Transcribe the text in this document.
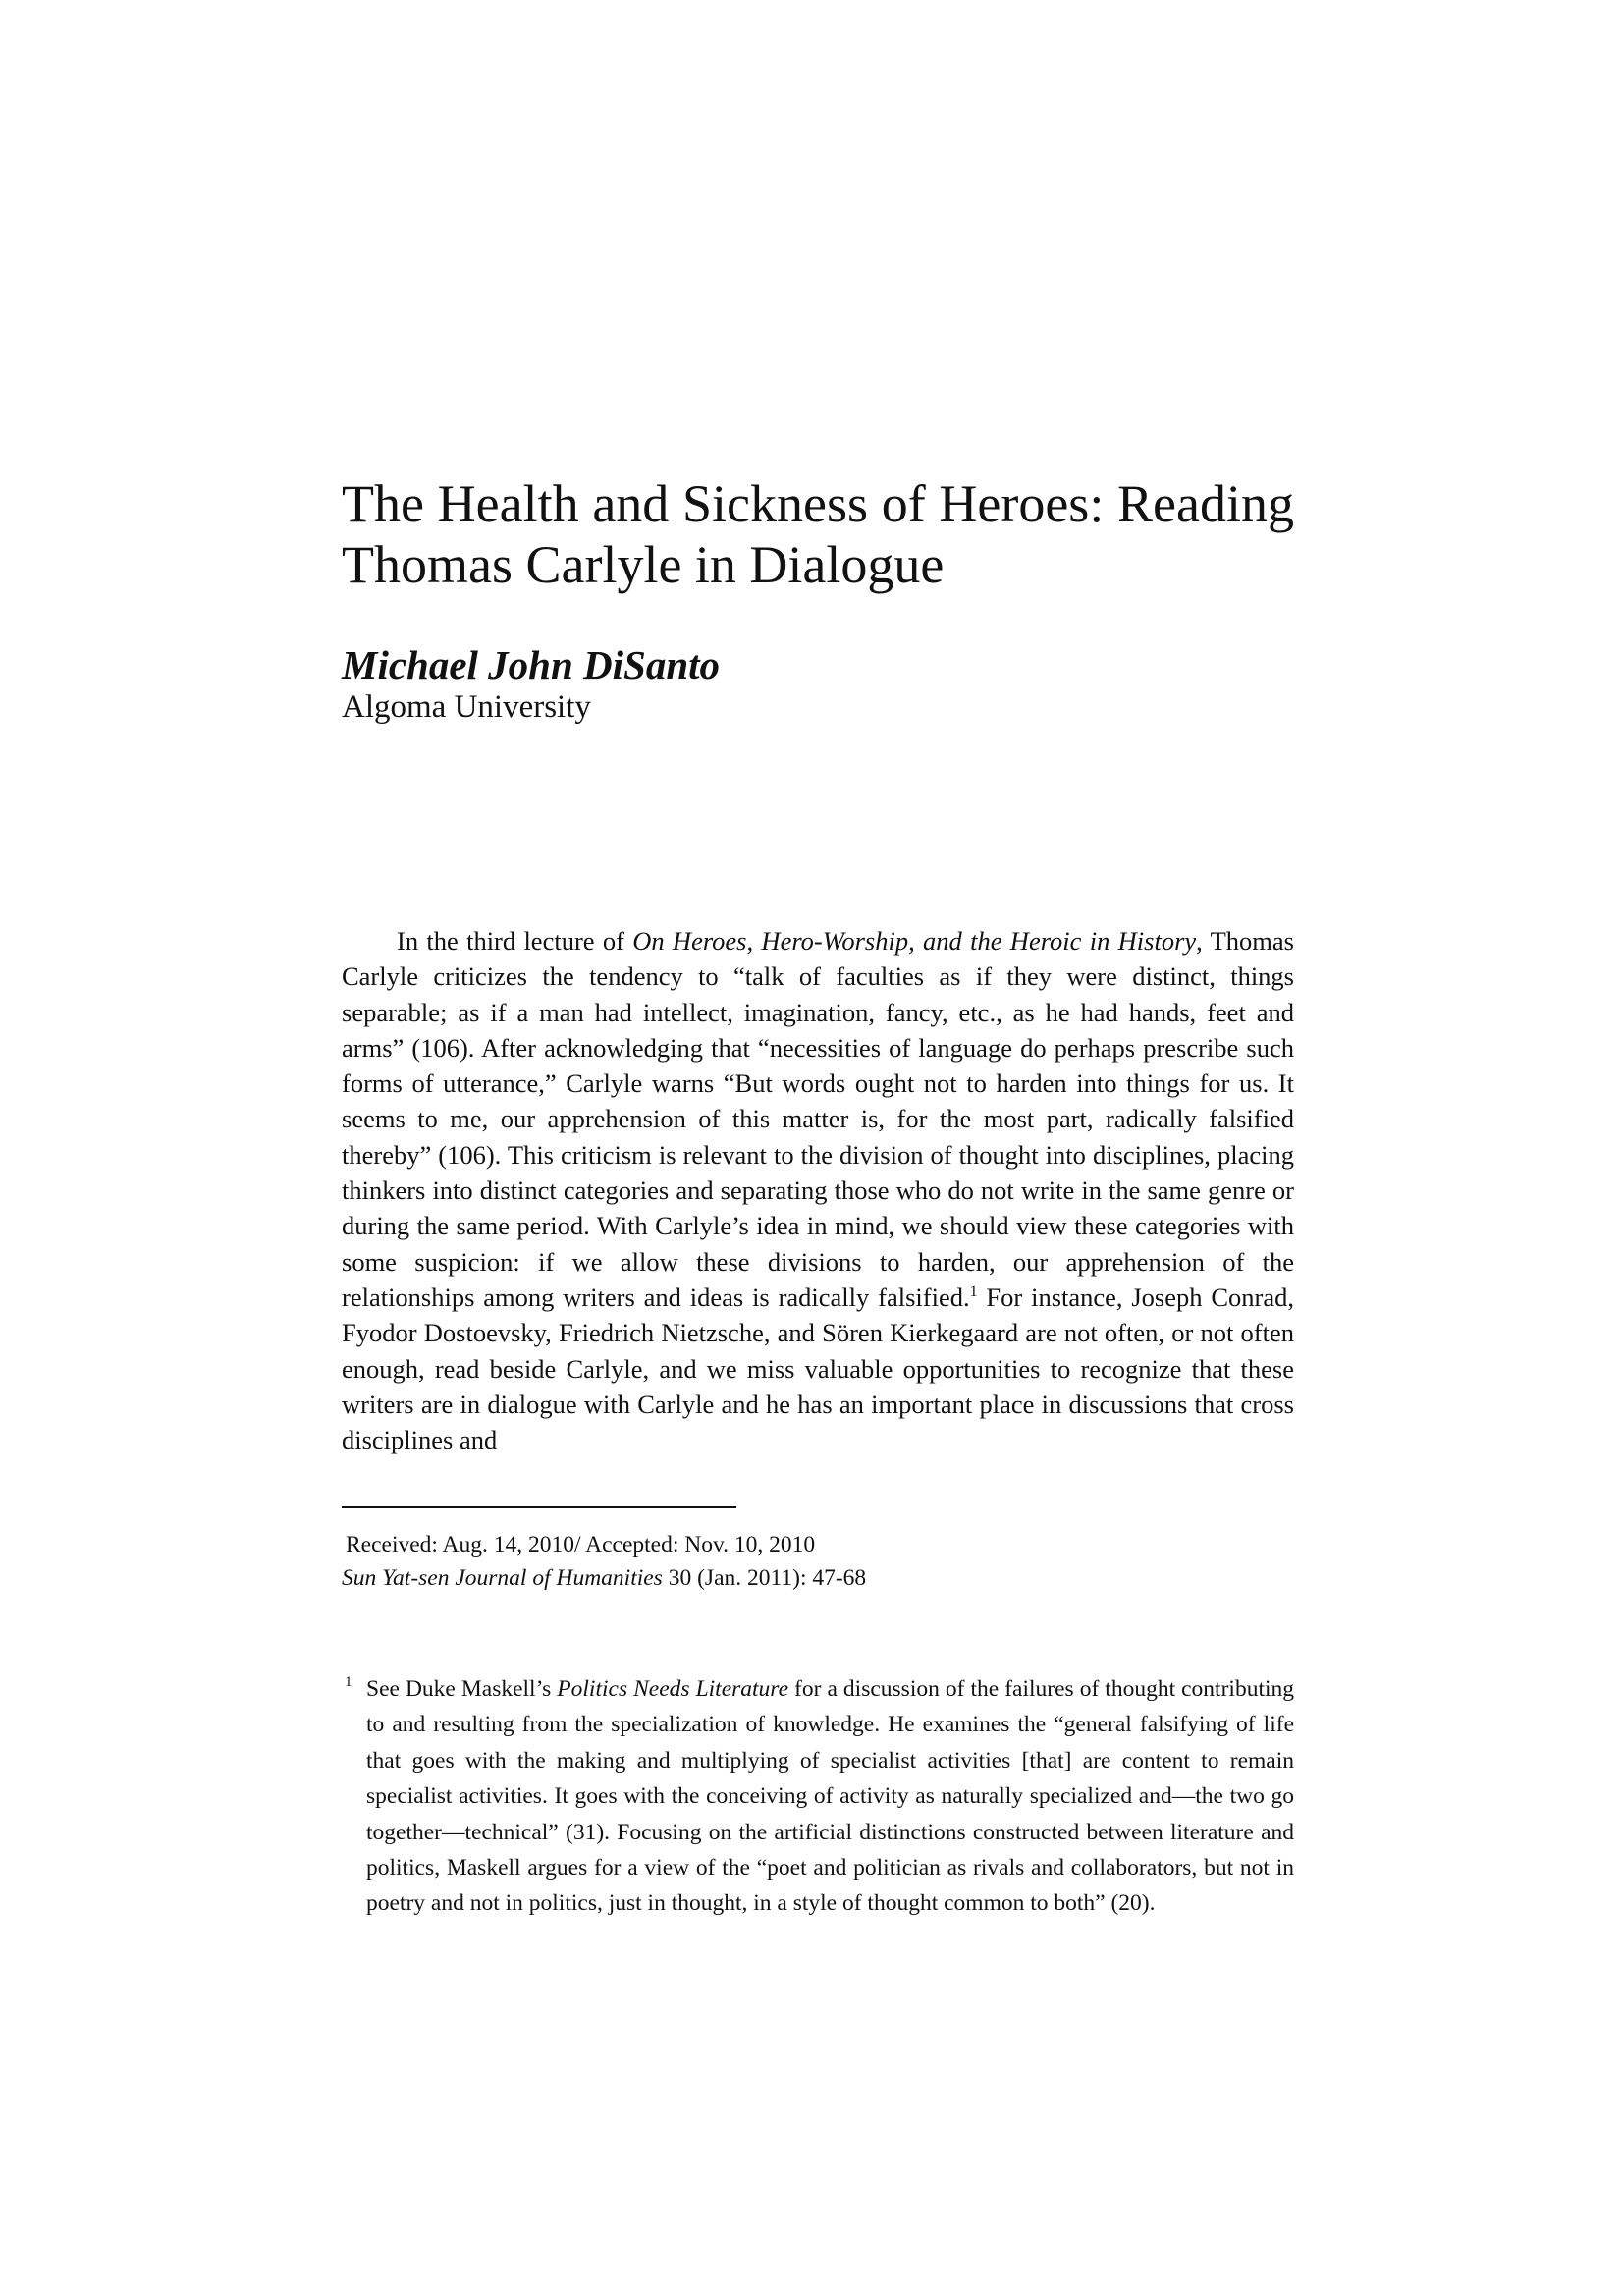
The Health and Sickness of Heroes: Reading
Thomas Carlyle in Dialogue

Michael John DiSanto

Algoma University

In the third lecture of On Heroes, Hero-Worship, and the Heroic in History, Thomas Carlyle criticizes the tendency to “talk of faculties as if they were distinct, things separable; as if a man had intellect, imagination, fancy, etc., as he had hands, feet and arms” (106). After acknowledging that “necessities of language do perhaps prescribe such forms of utterance,” Carlyle warns “But words ought not to harden into things for us. It seems to me, our apprehension of this matter is, for the most part, radically falsified thereby” (106). This criticism is relevant to the division of thought into disciplines, placing thinkers into distinct categories and separating those who do not write in the same genre or during the same period. With Carlyle’s idea in mind, we should view these categories with some suspicion: if we allow these divisions to harden, our apprehension of the relationships among writers and ideas is radically falsified.$^1$ For instance, Joseph Conrad, Fyodor Dostoevsky, Friedrich Nietzsche, and Sören Kierkegaard are not often, or not often enough, read beside Carlyle, and we miss valuable opportunities to recognize that these writers are in dialogue with Carlyle and he has an important place in discussions that cross disciplines and

Received: Aug. 14, 2010/ Accepted: Nov. 10, 2010

Sun Yat-sen Journal of Humanities 30 (Jan. 2011): 47-68

1 See Duke Maskell’s Politics Needs Literature for a discussion of the failures of thought contributing to and resulting from the specialization of knowledge. He examines the “general falsifying of life that goes with the making and multiplying of specialist activities [that] are content to remain specialist activities. It goes with the conceiving of activity as naturally specialized and—the two go together—technical” (31). Focusing on the artificial distinctions constructed between literature and politics, Maskell argues for a view of the “poet and politician as rivals and collaborators, but not in poetry and not in politics, just in thought, in a style of thought common to both” (20).
